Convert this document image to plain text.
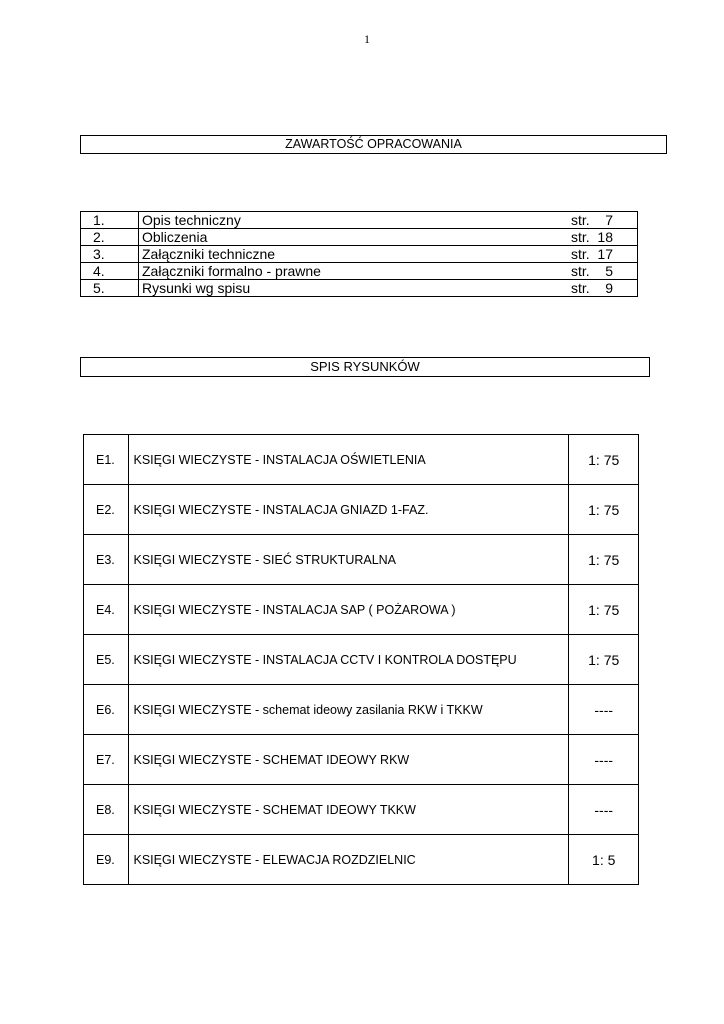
1
ZAWARTOŚĆ OPRACOWANIA
1.	Opis techniczny str.    7

2.	Obliczenia str.  18

3.	Załączniki techniczne str.  17

4.	Załączniki formalno - prawne str.    5

5.	Rysunki wg spisu str.    9
SPIS RYSUNKÓW
E1.	KSIĘGI WIECZYSTE - INSTALACJA OŚWIETLENIA	1: 75
E2.	KSIĘGI WIECZYSTE - INSTALACJA GNIAZD 1-FAZ.	1: 75
E3.	KSIĘGI WIECZYSTE - SIEĆ STRUKTURALNA	1: 75
E4.	KSIĘGI WIECZYSTE - INSTALACJA SAP ( POŻAROWA )	1: 75
E5.	KSIĘGI WIECZYSTE - INSTALACJA CCTV I KONTROLA DOSTĘPU	1: 75
E6.	KSIĘGI WIECZYSTE - schemat ideowy zasilania RKW i TKKW	----
E7.	KSIĘGI WIECZYSTE - SCHEMAT IDEOWY RKW	----
E8.	KSIĘGI WIECZYSTE - SCHEMAT IDEOWY TKKW	----
E9.	KSIĘGI WIECZYSTE - ELEWACJA ROZDZIELNIC	1: 5
